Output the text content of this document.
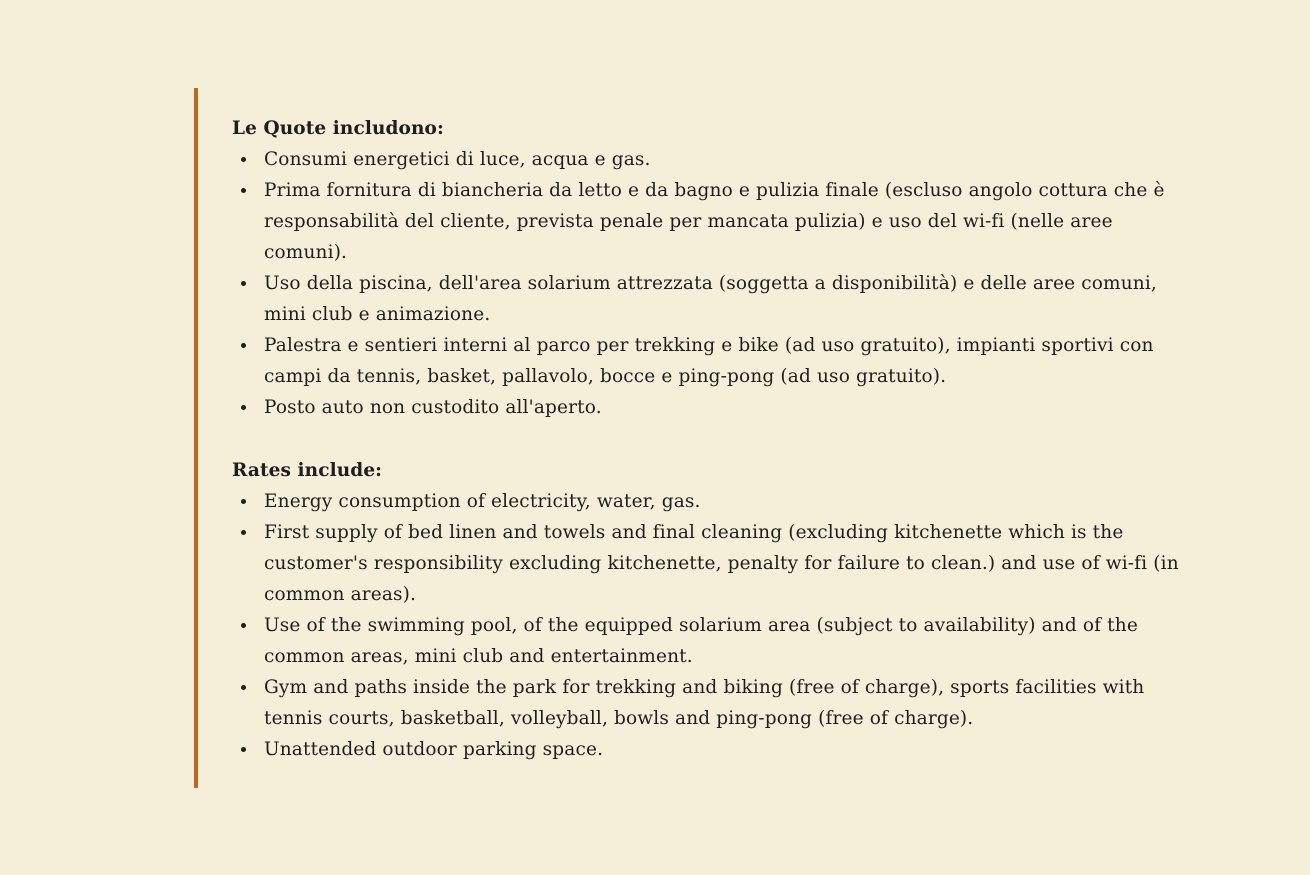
Le Quote includono:
Consumi energetici di luce, acqua e gas.
Prima fornitura di biancheria da letto e da bagno e pulizia finale (escluso angolo cottura che è responsabilità del cliente, prevista penale per mancata pulizia) e uso del wi-fi (nelle aree comuni).
Uso della piscina, dell'area solarium attrezzata (soggetta a disponibilità) e delle aree comuni, mini club e animazione.
Palestra e sentieri interni al parco per trekking e bike (ad uso gratuito), impianti sportivi con campi da tennis, basket, pallavolo, bocce e ping-pong (ad uso gratuito).
Posto auto non custodito all'aperto.
Rates include:
Energy consumption of electricity, water, gas.
First supply of bed linen and towels and final cleaning (excluding kitchenette which is the customer's responsibility excluding kitchenette, penalty for failure to clean.) and use of wi-fi (in common areas).
Use of the swimming pool, of the equipped solarium area (subject to availability) and of the common areas, mini club and entertainment.
Gym and paths inside the park for trekking and biking (free of charge), sports facilities with tennis courts, basketball, volleyball, bowls and ping-pong (free of charge).
Unattended outdoor parking space.
